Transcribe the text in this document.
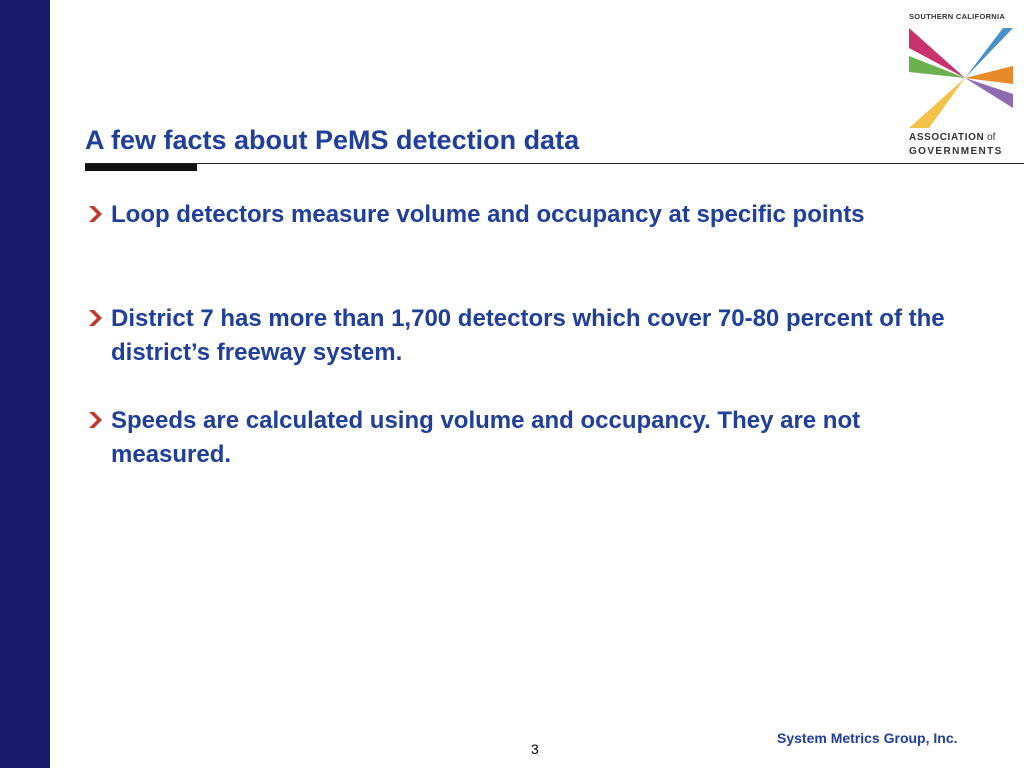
SOUTHERN CALIFORNIA
ASSOCIATION of
GOVERNMENTS
A few facts about PeMS detection data
Loop detectors measure volume and occupancy at specific points
District 7 has more than 1,700 detectors which cover 70-80 percent of the district’s freeway system.
Speeds are calculated using volume and occupancy. They are not measured.
System Metrics Group, Inc.
3
